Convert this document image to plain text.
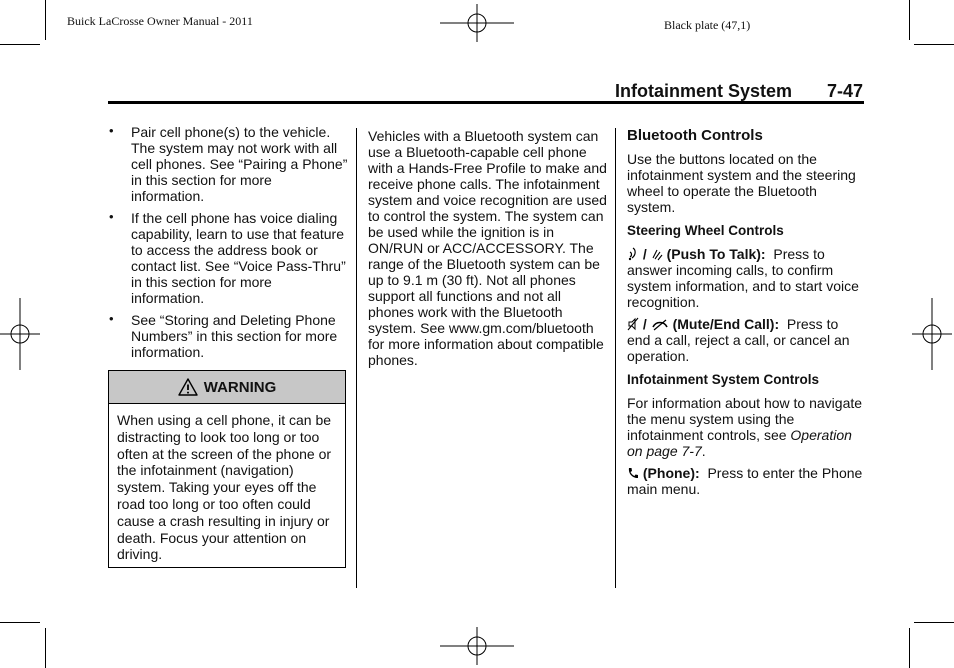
Buick LaCrosse Owner Manual - 2011	Black plate (47,1)
Infotainment System 7-47
• Pair cell phone(s) to the vehicle. The system may not work with all cell phones. See “Pairing a Phone” in this section for more information.
• If the cell phone has voice dialing capability, learn to use that feature to access the address book or contact list. See “Voice Pass-Thru” in this section for more information.
• See “Storing and Deleting Phone Numbers” in this section for more information.
WARNING
When using a cell phone, it can be distracting to look too long or too often at the screen of the phone or the infotainment (navigation) system. Taking your eyes off the road too long or too often could cause a crash resulting in injury or death. Focus your attention on driving.
Vehicles with a Bluetooth system can use a Bluetooth-capable cell phone with a Hands-Free Profile to make and receive phone calls. The infotainment system and voice recognition are used to control the system. The system can be used while the ignition is in ON/RUN or ACC/ACCESSORY. The range of the Bluetooth system can be up to 9.1 m (30 ft). Not all phones support all functions and not all phones work with the Bluetooth system. See www.gm.com/bluetooth for more information about compatible phones.
Bluetooth Controls
Use the buttons located on the infotainment system and the steering wheel to operate the Bluetooth system.
Steering Wheel Controls
/ (Push To Talk): Press to answer incoming calls, to confirm system information, and to start voice recognition.
/ (Mute/End Call): Press to end a call, reject a call, or cancel an operation.
Infotainment System Controls
For information about how to navigate the menu system using the infotainment controls, see Operation on page 7-7.
(Phone): Press to enter the Phone main menu.
